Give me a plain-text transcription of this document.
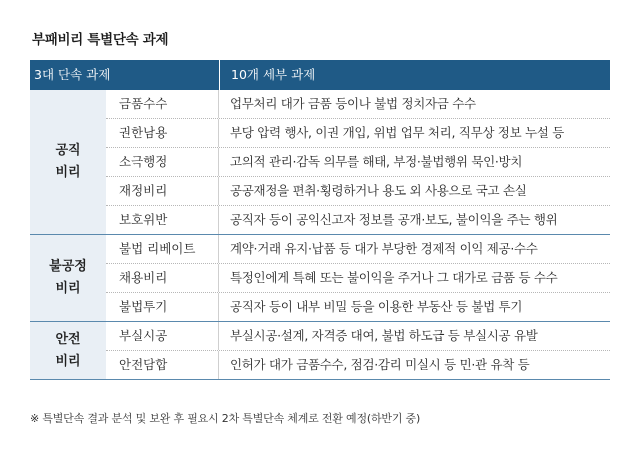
부패비리 특별단속 과제
3대 단속 과제	10개 세부 과제
공직
비리
금품수수	업무처리 대가 금품 등이나 불법 정치자금 수수
권한남용	부당 압력 행사, 이권 개입, 위법 업무 처리, 직무상 정보 누설 등
소극행정	고의적 관리·감독 의무를 해태, 부정·불법행위 묵인·방치
재정비리	공공재정을 편취·횡령하거나 용도 외 사용으로 국고 손실
보호위반	공직자 등이 공익신고자 정보를 공개·보도, 불이익을 주는 행위
불공정
비리
불법 리베이트	계약·거래 유지·납품 등 대가 부당한 경제적 이익 제공·수수
채용비리	특정인에게 특혜 또는 불이익을 주거나 그 대가로 금품 등 수수
불법투기	공직자 등이 내부 비밀 등을 이용한 부동산 등 불법 투기
안전
비리
부실시공	부실시공·설계, 자격증 대여, 불법 하도급 등 부실시공 유발
안전담합	인허가 대가 금품수수, 점검·감리 미실시 등 민·관 유착 등
※ 특별단속 결과 분석 및 보완 후 필요시 2차 특별단속 체계로 전환 예정(하반기 중)
